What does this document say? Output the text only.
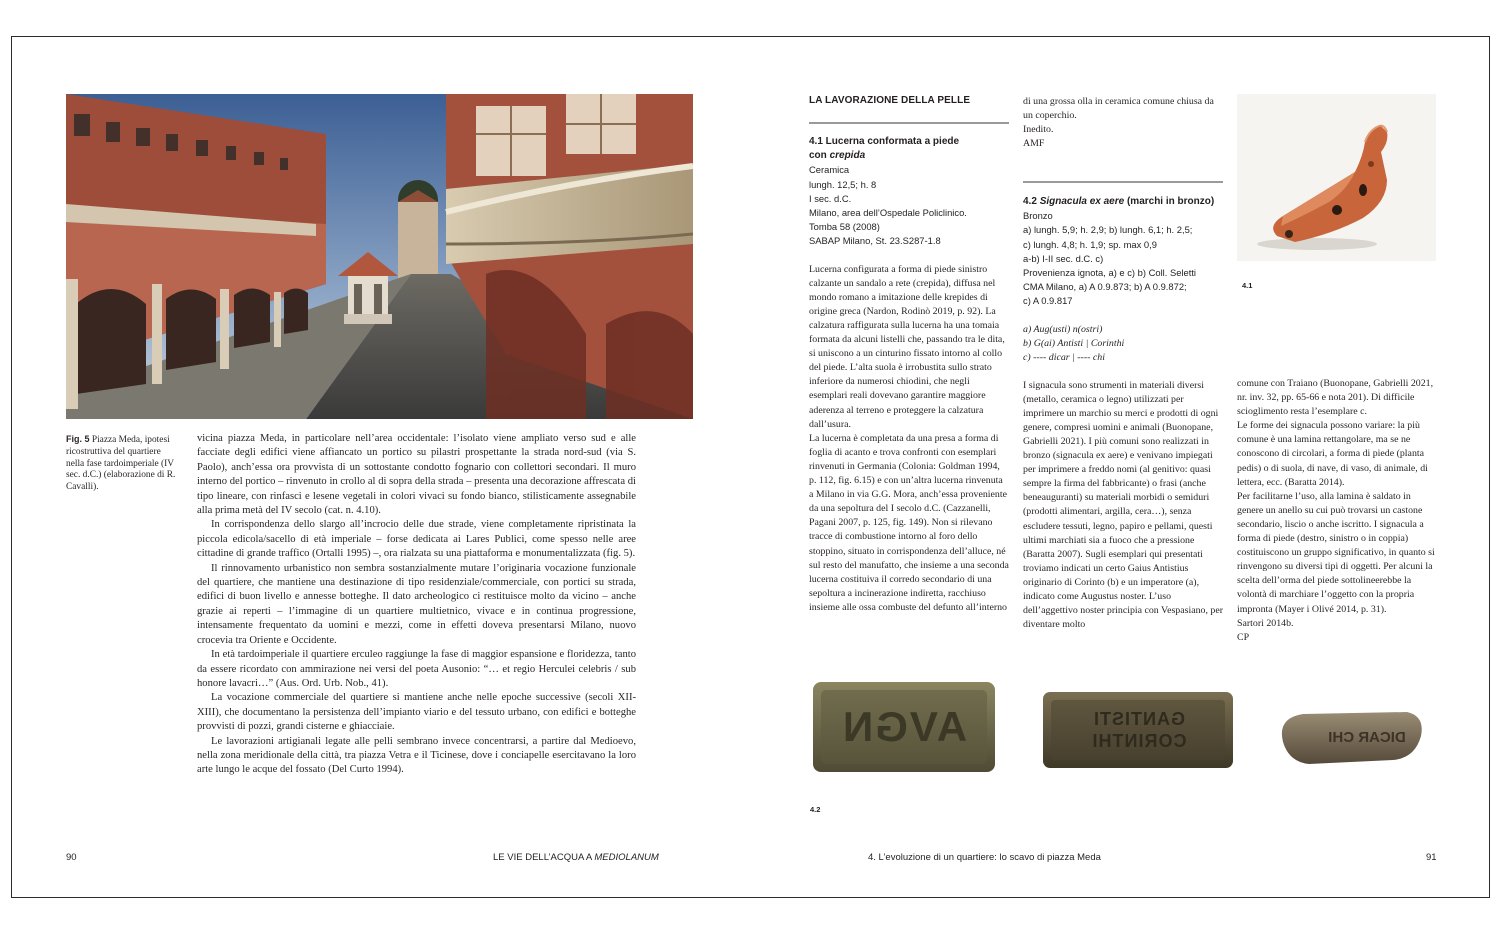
Fig. 5 Piazza Meda, ipotesi ricostruttiva del quartiere nella fase tardoimperiale (IV sec. d.C.) (elaborazione di R. Cavalli).

vicina piazza Meda, in particolare nell’area occidentale: l’isolato viene ampliato verso sud e alle facciate degli edifici viene affiancato un portico su pilastri prospettante la strada nord-sud (via S. Paolo), anch’essa ora provvista di un sottostante condotto fognario con collettori secondari. Il muro interno del portico – rinvenuto in crollo al di sopra della strada – presenta una decorazione affrescata di tipo lineare, con rinfasci e lesene vegetali in colori vivaci su fondo bianco, stilisticamente assegnabile alla prima metà del IV secolo (cat. n. 4.10).

In corrispondenza dello slargo all’incrocio delle due strade, viene completamente ripristinata la piccola edicola/sacello di età imperiale – forse dedicata ai Lares Publici, come spesso nelle aree cittadine di grande traffico (Ortalli 1995) –, ora rialzata su una piattaforma e monumentalizzata (fig. 5).

Il rinnovamento urbanistico non sembra sostanzialmente mutare l’originaria vocazione funzionale del quartiere, che mantiene una destinazione di tipo residenziale/commerciale, con portici su strada, edifici di buon livello e annesse botteghe. Il dato archeologico ci restituisce molto da vicino – anche grazie ai reperti – l’immagine di un quartiere multietnico, vivace e in continua progressione, intensamente frequentato da uomini e mezzi, come in effetti doveva presentarsi Milano, nuovo crocevia tra Oriente e Occidente.

In età tardoimperiale il quartiere erculeo raggiunge la fase di maggior espansione e floridezza, tanto da essere ricordato con ammirazione nei versi del poeta Ausonio: “… et regio Herculei celebris / sub honore lavacri…” (Aus. Ord. Urb. Nob., 41).

La vocazione commerciale del quartiere si mantiene anche nelle epoche successive (secoli XII-XIII), che documentano la persistenza dell’impianto viario e del tessuto urbano, con edifici e botteghe provvisti di pozzi, grandi cisterne e ghiacciaie.

Le lavorazioni artigianali legate alle pelli sembrano invece concentrarsi, a partire dal Medioevo, nella zona meridionale della città, tra piazza Vetra e il Ticinese, dove i conciapelle esercitavano la loro arte lungo le acque del fossato (Del Curto 1994).

90	LE VIE DELL’ACQUA A MEDIOLANUM
LA LAVORAZIONE DELLA PELLE
4.1 Lucerna conformata a piede
con crepida
Ceramica
lungh. 12,5; h. 8
I sec. d.C.
Milano, area dell’Ospedale Policlinico.
Tomba 58 (2008)
SABAP Milano, St. 23.S287-1.8
Lucerna configurata a forma di piede sinistro calzante un sandalo a rete (crepida), diffusa nel mondo romano a imitazione delle krepides di origine greca (Nardon, Rodinò 2019, p. 92). La calzatura raffigurata sulla lucerna ha una tomaia formata da alcuni listelli che, passando tra le dita, si uniscono a un cinturino fissato intorno al collo del piede. L’alta suola è irrobustita sullo strato inferiore da numerosi chiodini, che negli esemplari reali dovevano garantire maggiore aderenza al terreno e proteggere la calzatura dall’usura.
La lucerna è completata da una presa a forma di foglia di acanto e trova confronti con esemplari rinvenuti in Germania (Colonia: Goldman 1994, p. 112, fig. 6.15) e con un’altra lucerna rinvenuta a Milano in via G.G. Mora, anch’essa proveniente da una sepoltura del I secolo d.C. (Cazzanelli, Pagani 2007, p. 125, fig. 149). Non si rilevano tracce di combustione intorno al foro dello stoppino, situato in corrispondenza dell’alluce, né sul resto del manufatto, che insieme a una seconda lucerna costituiva il corredo secondario di una sepoltura a incinerazione indiretta, racchiuso insieme alle ossa combuste del defunto all’interno
di una grossa olla in ceramica comune chiusa da un coperchio.
Inedito.
AMF
4.2 Signacula ex aere (marchi in bronzo)
Bronzo
a) lungh. 5,9; h. 2,9; b) lungh. 6,1; h. 2,5;
c) lungh. 4,8; h. 1,9; sp. max 0,9
a-b) I-II sec. d.C. c)
Provenienza ignota, a) e c) b) Coll. Seletti
CMA Milano, a) A 0.9.873; b) A 0.9.872;
c) A 0.9.817
a) Aug(usti) n(ostri)
b) G(ai) Antisti | Corinthi
c) ---- dicar | ---- chi
I signacula sono strumenti in materiali diversi (metallo, ceramica o legno) utilizzati per imprimere un marchio su merci e prodotti di ogni genere, compresi uomini e animali (Buonopane, Gabrielli 2021). I più comuni sono realizzati in bronzo (signacula ex aere) e venivano impiegati per imprimere a freddo nomi (al genitivo: quasi sempre la firma del fabbricante) o frasi (anche beneauguranti) su materiali morbidi o semiduri (prodotti alimentari, argilla, cera…), senza escludere tessuti, legno, papiro e pellami, questi ultimi marchiati sia a fuoco che a pressione (Baratta 2007). Sugli esemplari qui presentati troviamo indicati un certo Gaius Antistius originario di Corinto (b) e un imperatore (a), indicato come Augustus noster. L’uso dell’aggettivo noster principia con Vespasiano, per diventare molto
4.1
comune con Traiano (Buonopane, Gabrielli 2021, nr. inv. 32, pp. 65-66 e nota 201). Di difficile scioglimento resta l’esemplare c.
Le forme dei signacula possono variare: la più comune è una lamina rettangolare, ma se ne conoscono di circolari, a forma di piede (planta pedis) o di suola, di nave, di vaso, di animale, di lettera, ecc. (Baratta 2014).
Per facilitarne l’uso, alla lamina è saldato in genere un anello su cui può trovarsi un castone secondario, liscio o anche iscritto. I signacula a forma di piede (destro, sinistro o in coppia) costituiscono un gruppo significativo, in quanto si rinvengono su diversi tipi di oggetti. Per alcuni la scelta dell’orma del piede sottolineerebbe la volontà di marchiare l’oggetto con la propria impronta (Mayer i Olivé 2014, p. 31).
Sartori 2014b.
CP
AVGN	GANTISTI CORINTHI	DICAR CHI
4.2
4. L’evoluzione di un quartiere: lo scavo di piazza Meda	91
